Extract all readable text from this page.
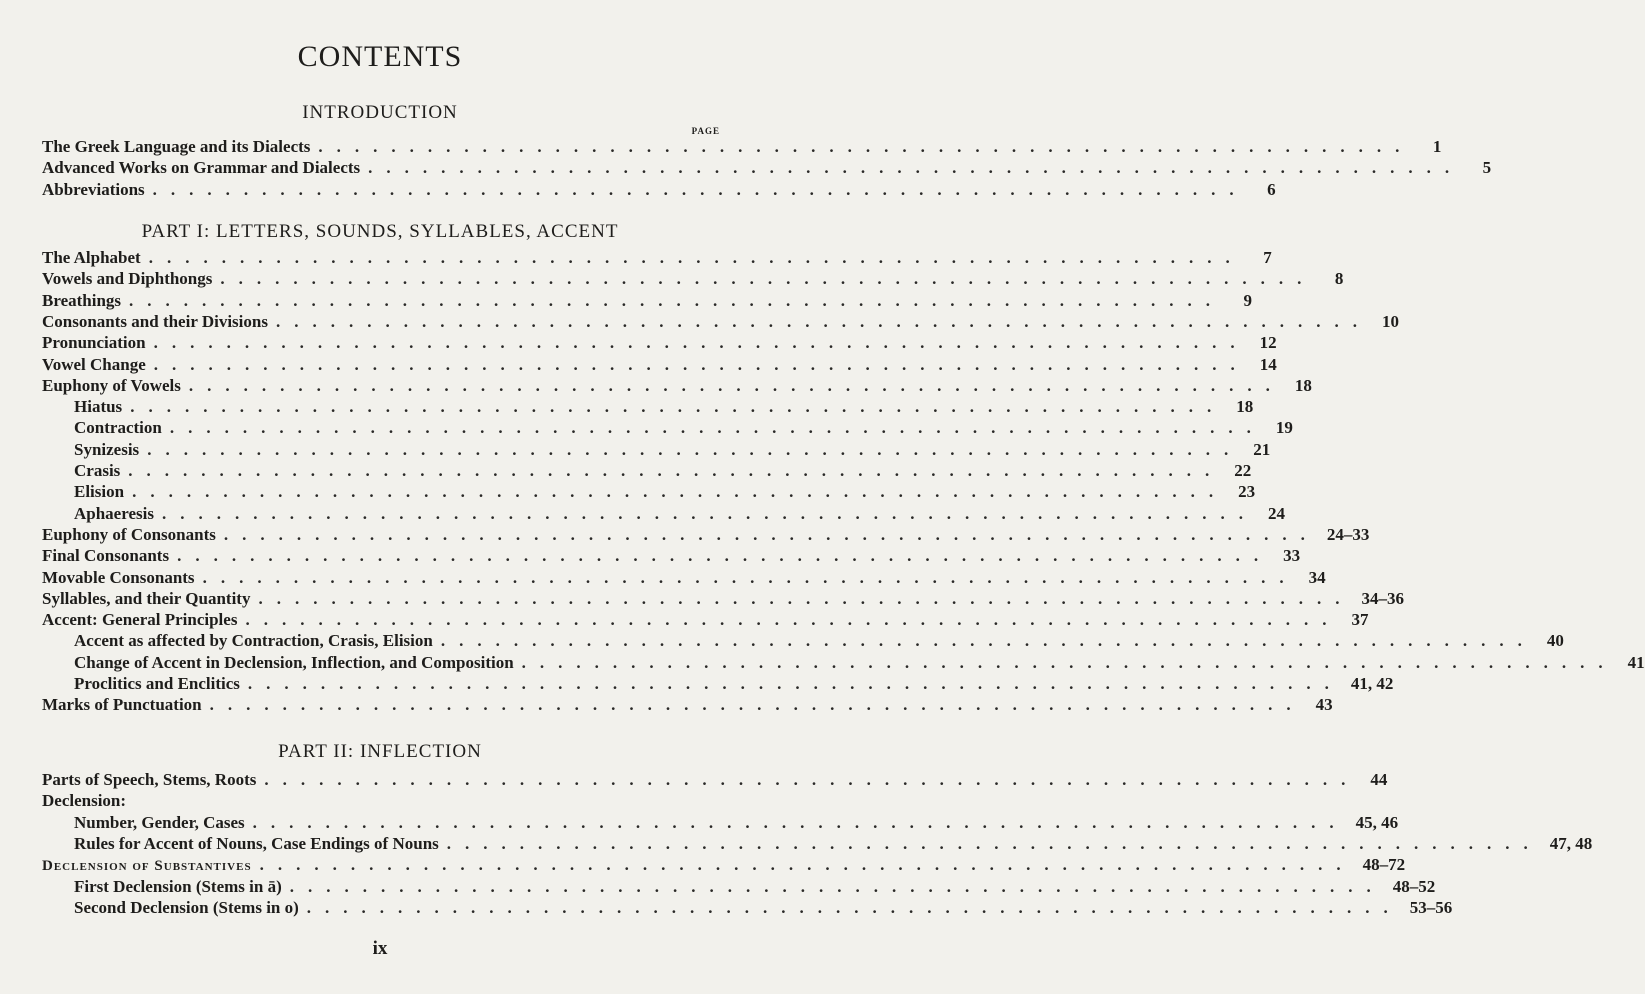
CONTENTS
ix
INTRODUCTION
PAGE
The Greek Language and its Dialects ............................................................	1
Advanced Works on Grammar and Dialects ............................................................	5
Abbreviations ............................................................	6
PART I: LETTERS, SOUNDS, SYLLABLES, ACCENT
The Alphabet ............................................................	7
Vowels and Diphthongs ............................................................	8
Breathings ............................................................	9
Consonants and their Divisions ............................................................ 10
Pronunciation ............................................................ 12
Vowel Change ............................................................ 14
Euphony of Vowels ............................................................ 18
Hiatus ............................................................ 18
Contraction ............................................................ 19
Synizesis ............................................................ 21
Crasis ............................................................ 22
Elision ............................................................ 23
Aphaeresis ............................................................ 24
Euphony of Consonants ............................................................ 24–33
Final Consonants ............................................................ 33
Movable Consonants ............................................................ 34
Syllables, and their Quantity ............................................................ 34–36
Accent: General Principles ............................................................ 37
Accent as affected by Contraction, Crasis, Elision ............................................................ 40
Change of Accent in Declension, Inflection, and Composition ............................................................ 41
Proclitics and Enclitics ............................................................ 41, 42
Marks of Punctuation ............................................................ 43
PART II: INFLECTION
Parts of Speech, Stems, Roots ............................................................ 44
Declension:
Number, Gender, Cases ............................................................ 45, 46
Rules for Accent of Nouns, Case Endings of Nouns ............................................................ 47, 48
Declension of Substantives ............................................................ 48–72
First Declension (Stems in ā) ............................................................ 48–52
Second Declension (Stems in ο) ............................................................ 53–56
